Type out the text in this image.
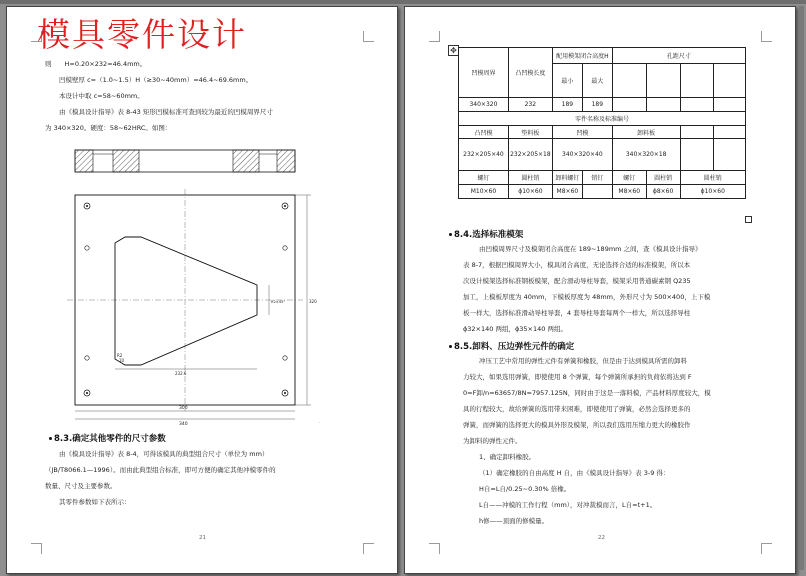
模具零件设计
则　　H=0.20×232=46.4mm。
凹模壁厚 c=（1.0~1.5）H（≥30~40mm）=46.4~69.6mm。
本设计中取 c=58~60mm。
由《模具设计指导》表 8-43 矩形凹模标准可查到较为最近的凹模周界尺寸
为 340×320。硬度：58~62HRC。如图：
300
340
232.6
R2
10
R2×45°	320
.
8.3.确定其他零件的尺寸参数
由《模具设计指导》表 8-4，可得该模具的典型组合尺寸（单位为 mm）
（JB/T8066.1—1996）。而由此典型组合标准，即可方便的确定其他冲模零件的
数量、尺寸及主要参数。
其零件参数如下表所示：
21
✥
凹模周界	凸凹模长度	配用模架闭合高度H		孔距尺寸			
		最小	最大				
340×320	232	189	189				
零件名称及标准编号							
凸凹模	垫料板	凹模		卸料板			
232×205×40	232×205×18	340×320×40		340×320×18			
螺钉	圆柱销	卸料螺钉	销钉	螺钉	圆柱销	圆柱销	
M10×60	ϕ10×60	M8×60		M8×60	ϕ8×60	ϕ10×60	
8.4.选择标准模架
由凹模周界尺寸及模架闭合高度在 189~189mm 之间，查《模具设计指导》
表 8-7，根据凹模周界大小，模具闭合高度，无论选择合适的标准模架，所以本
次设计模架选择标准钢板模架，配合滑动导柱导套，模架采用普通碳素钢 Q235
加工，上模板厚度为 40mm，下模板厚度为 48mm，外形尺寸为 500×400，上下模
板一样大，选择标准滑动导柱导套，4 套导柱导套每两个一样大，所以选择导柱
ϕ32×140 两组，ϕ35×140 两组。
8.5.卸料、压边弹性元件的确定
冲压工艺中常用的弹性元件有弹簧和橡胶，但是由于达到模具所需的卸料
力较大，如果选用弹簧，即使使用 8 个弹簧，每个弹簧所承担的负荷依将达到 F
0=F卸/n=63657/8N=7957.125N，同时由于这是一落料模，产品材料厚度较大，模
具的行程较大，故给弹簧的选用带来困难，即使使用了弹簧，必然会选择更多的
弹簧，而弹簧的选择更大的模具外形及模架，所以我们选用压缩力更大的橡胶作
为卸料的弹性元件。
1、确定卸料橡胶。
（1）确定橡胶的自由高度 H 自，由《模具设计指导》表 3-9 得：
H自=L自/0.25~0.30% 倍橡。
L自——冲模的工作行程（mm），对冲裁模而言，L自=t+1。
h修——顶面的修模量。
22
